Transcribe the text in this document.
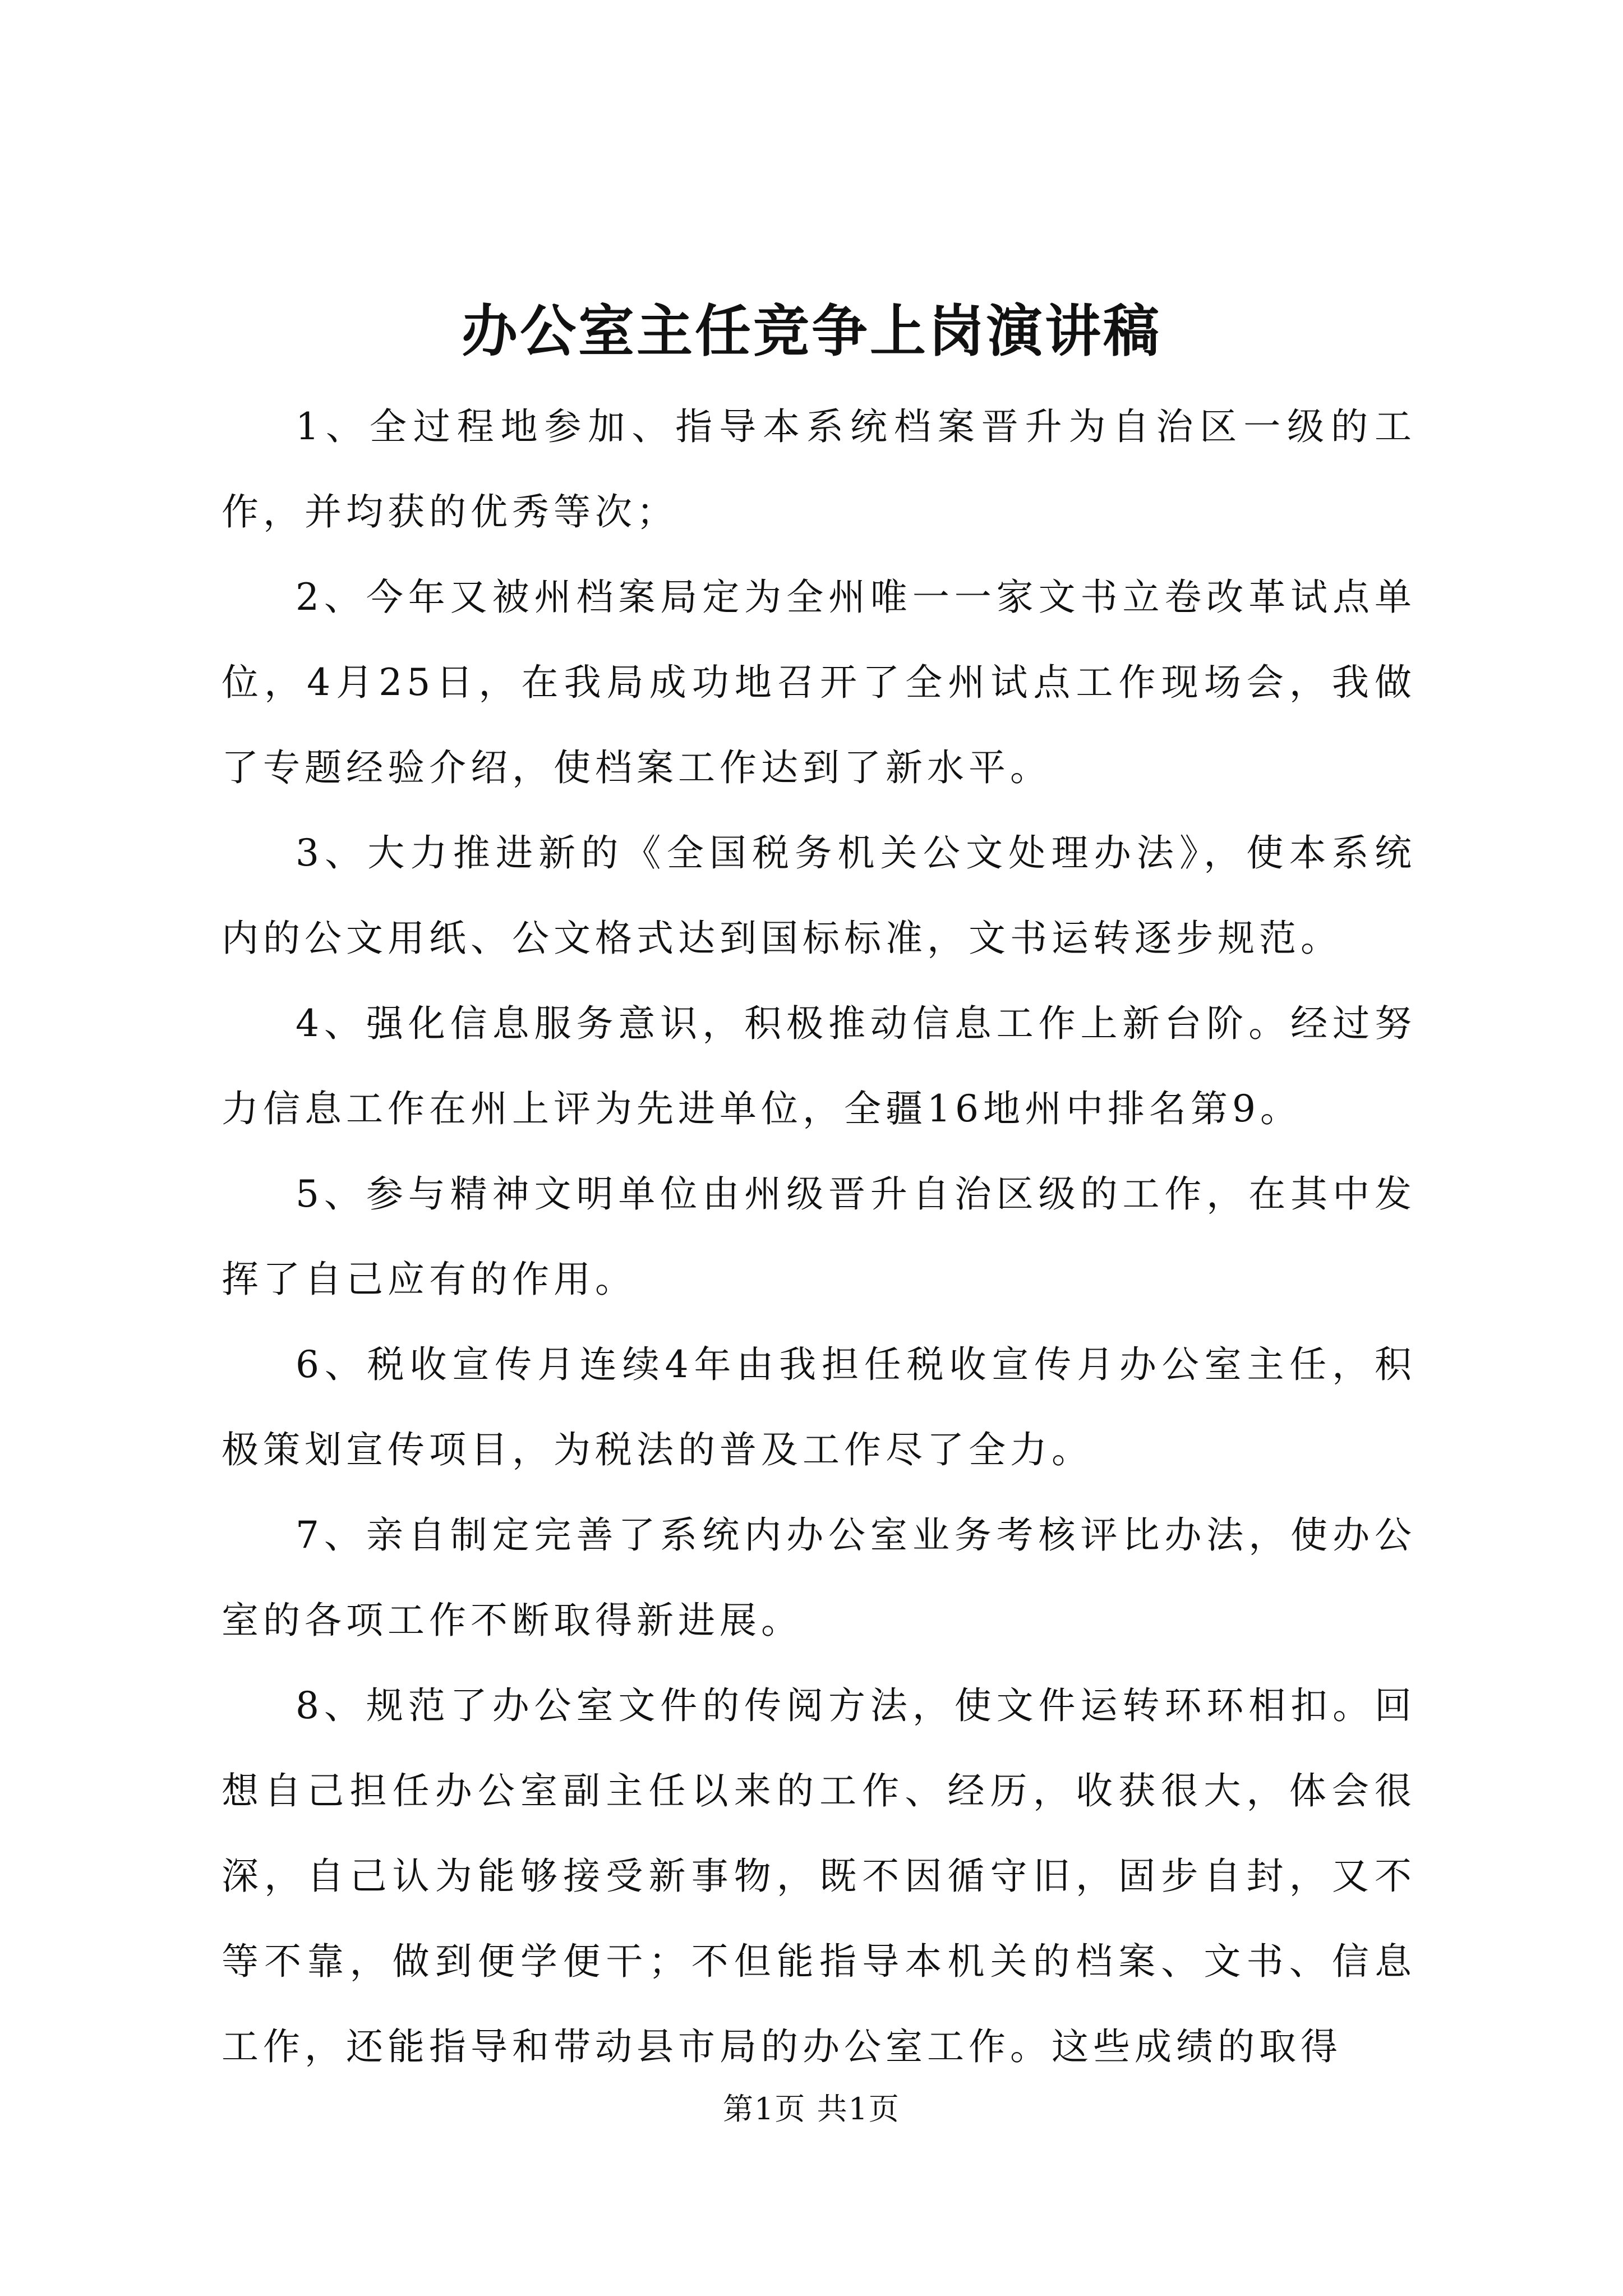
办公室主任竞争上岗演讲稿

1、全过程地参加、指导本系统档案晋升为自治区一级的工作，并均获的优秀等次；

2、今年又被州档案局定为全州唯一一家文书立卷改革试点单位，4月25日，在我局成功地召开了全州试点工作现场会，我做了专题经验介绍，使档案工作达到了新水平。

3、大力推进新的《全国税务机关公文处理办法》，使本系统内的公文用纸、公文格式达到国标标准，文书运转逐步规范。

4、强化信息服务意识，积极推动信息工作上新台阶。经过努力信息工作在州上评为先进单位，全疆16地州中排名第9。

5、参与精神文明单位由州级晋升自治区级的工作，在其中发挥了自己应有的作用。

6、税收宣传月连续4年由我担任税收宣传月办公室主任，积极策划宣传项目，为税法的普及工作尽了全力。

7、亲自制定完善了系统内办公室业务考核评比办法，使办公室的各项工作不断取得新进展。

8、规范了办公室文件的传阅方法，使文件运转环环相扣。回想自己担任办公室副主任以来的工作、经历，收获很大，体会很深，自己认为能够接受新事物，既不因循守旧，固步自封，又不等不靠，做到便学便干；不但能指导本机关的档案、文书、信息工作，还能指导和带动县市局的办公室工作。这些成绩的取得

第1页 共1页
